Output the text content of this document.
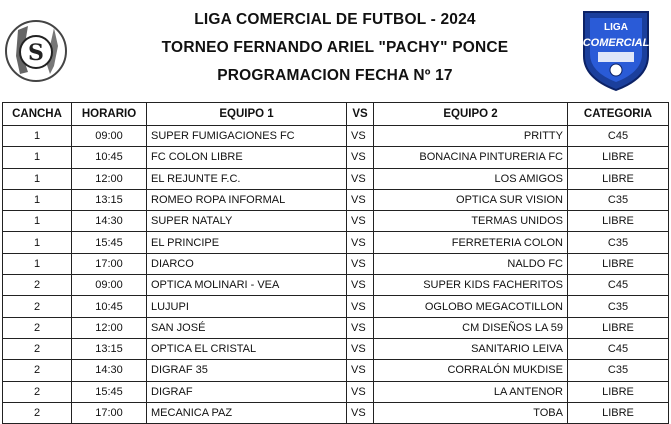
S
LIGA COMERCIAL DE FUTBOL - 2024
TORNEO FERNANDO ARIEL "PACHY" PONCE
PROGRAMACION FECHA Nº 17
LIGA
COMERCIAL
CANCHA	HORARIO	EQUIPO 1	VS	EQUIPO 2	CATEGORIA
1	09:00	SUPER FUMIGACIONES FC	VS	PRITTY	C45
1	10:45	FC COLON LIBRE	VS	BONACINA PINTURERIA FC	LIBRE
1	12:00	EL REJUNTE F.C.	VS	LOS AMIGOS	LIBRE
1	13:15	ROMEO ROPA INFORMAL	VS	OPTICA SUR VISION	C35
1	14:30	SUPER NATALY	VS	TERMAS UNIDOS	LIBRE
1	15:45	EL PRINCIPE	VS	FERRETERIA COLON	C35
1	17:00	DIARCO	VS	NALDO FC	LIBRE
2	09:00	OPTICA MOLINARI - VEA	VS	SUPER KIDS FACHERITOS	C45
2	10:45	LUJUPI	VS	OGLOBO MEGACOTILLON	C35
2	12:00	SAN JOSÉ	VS	CM DISEÑOS LA 59	LIBRE
2	13:15	OPTICA EL CRISTAL	VS	SANITARIO LEIVA	C45
2	14:30	DIGRAF 35	VS	CORRALÓN MUKDISE	C35
2	15:45	DIGRAF	VS	LA ANTENOR	LIBRE
2	17:00	MECANICA PAZ	VS	TOBA	LIBRE
